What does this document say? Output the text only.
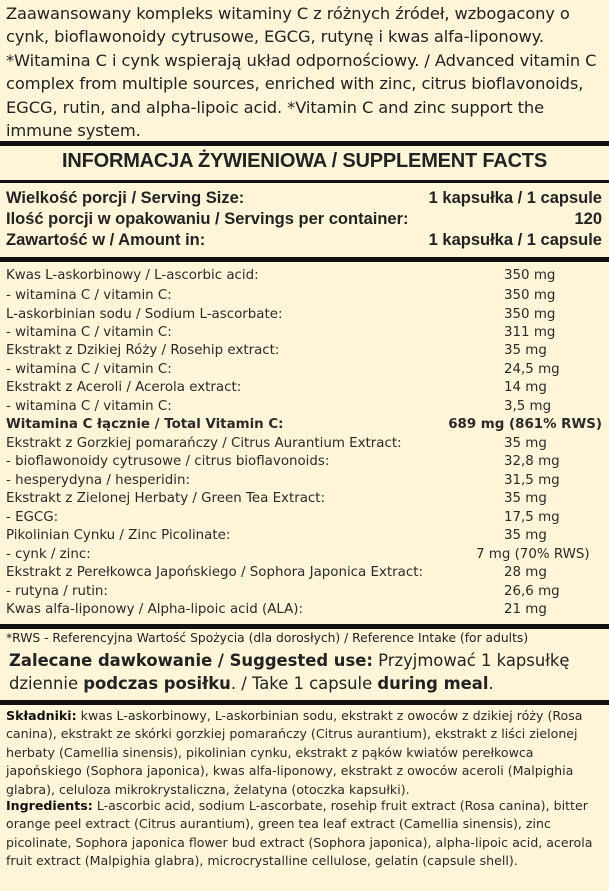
Zaawansowany kompleks witaminy C z różnych źródeł, wzbogacony o cynk, bioflawonoidy cytrusowe, EGCG, rutynę i kwas alfa-liponowy. *Witamina C i cynk wspierają układ odpornościowy. / Advanced vitamin C complex from multiple sources, enriched with zinc, citrus bioflavonoids, EGCG, rutin, and alpha-lipoic acid. *Vitamin C and zinc support the immune system.
INFORMACJA ŻYWIENIOWA / SUPPLEMENT FACTS
Wielkość porcji / Serving Size:	1 kapsułka / 1 capsule
Ilość porcji w opakowaniu / Servings per container:	120
Zawartość w / Amount in:	1 kapsułka / 1 capsule
Kwas L-askorbinowy / L-ascorbic acid:	350 mg
- witamina C / vitamin C:	350 mg
L-askorbinian sodu / Sodium L-ascorbate:	350 mg
- witamina C / vitamin C:	311 mg
Ekstrakt z Dzikiej Róży / Rosehip extract:	35 mg
- witamina C / vitamin C:	24,5 mg
Ekstrakt z Aceroli / Acerola extract:	14 mg
- witamina C / vitamin C:	3,5 mg
Witamina C łącznie / Total Vitamin C:	689 mg (861% RWS)
Ekstrakt z Gorzkiej pomarańczy / Citrus Aurantium Extract:	35 mg
- bioflawonoidy cytrusowe / citrus bioflavonoids:	32,8 mg
- hesperydyna / hesperidin:	31,5 mg
Ekstrakt z Zielonej Herbaty / Green Tea Extract:	35 mg
- EGCG:	17,5 mg
Pikolinian Cynku / Zinc Picolinate:	35 mg
- cynk / zinc:	7 mg (70% RWS)
Ekstrakt z Perełkowca Japońskiego / Sophora Japonica Extract:	28 mg
- rutyna / rutin:	26,6 mg
Kwas alfa-liponowy / Alpha-lipoic acid (ALA):	21 mg
*RWS - Referencyjna Wartość Spożycia (dla dorosłych) / Reference Intake (for adults)
Zalecane dawkowanie / Suggested use: Przyjmować 1 kapsułkę dziennie podczas posiłku. / Take 1 capsule during meal.
Składniki: kwas L-askorbinowy, L-askorbinian sodu, ekstrakt z owoców z dzikiej róży (Rosa canina), ekstrakt ze skórki gorzkiej pomarańczy (Citrus aurantium), ekstrakt z liści zielonej herbaty (Camellia sinensis), pikolinian cynku, ekstrakt z pąków kwiatów perełkowca japońskiego (Sophora japonica), kwas alfa-liponowy, ekstrakt z owoców aceroli (Malpighia glabra), celuloza mikrokrystaliczna, żelatyna (otoczka kapsułki).
Ingredients: L-ascorbic acid, sodium L-ascorbate, rosehip fruit extract (Rosa canina), bitter orange peel extract (Citrus aurantium), green tea leaf extract (Camellia sinensis), zinc picolinate, Sophora japonica flower bud extract (Sophora japonica), alpha-lipoic acid, acerola fruit extract (Malpighia glabra), microcrystalline cellulose, gelatin (capsule shell).
